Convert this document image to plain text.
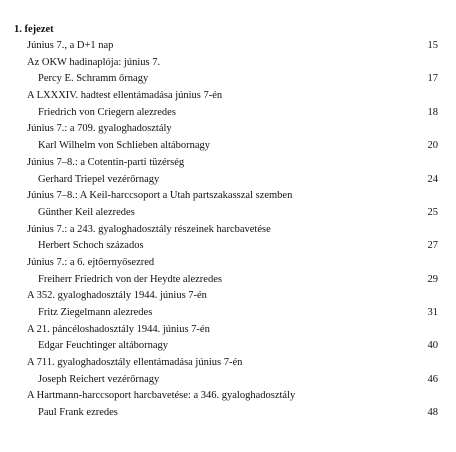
1. fejezet
Június 7., a D+1 nap	15
Az OKW hadinaplója: június 7.
Percy E. Schramm őrnagy	17
A LXXXIV. hadtest ellentámadása június 7-én
Friedrich von Criegern alezredes	18
Június 7.: a 709. gyaloghadosztály
Karl Wilhelm von Schlieben altábornagy	20
Június 7–8.: a Cotentin-parti tüzérség
Gerhard Triepel vezérőrnagy	24
Június 7–8.: A Keil-harccsoport a Utah partszakasszal szemben
Günther Keil alezredes	25
Június 7.: a 243. gyaloghadosztály részeinek harcbavetése
Herbert Schoch százados	27
Június 7.: a 6. ejtőernyősezred
Freiherr Friedrich von der Heydte alezredes	29
A 352. gyaloghadosztály 1944. június 7-én
Fritz Ziegelmann alezredes	31
A 21. páncéloshadosztály 1944. június 7-én
Edgar Feuchtinger altábornagy	40
A 711. gyaloghadosztály ellentámadása június 7-én
Joseph Reichert vezérőrnagy	46
A Hartmann-harccsoport harcbavetése: a 346. gyaloghadosztály
Paul Frank ezredes	48
